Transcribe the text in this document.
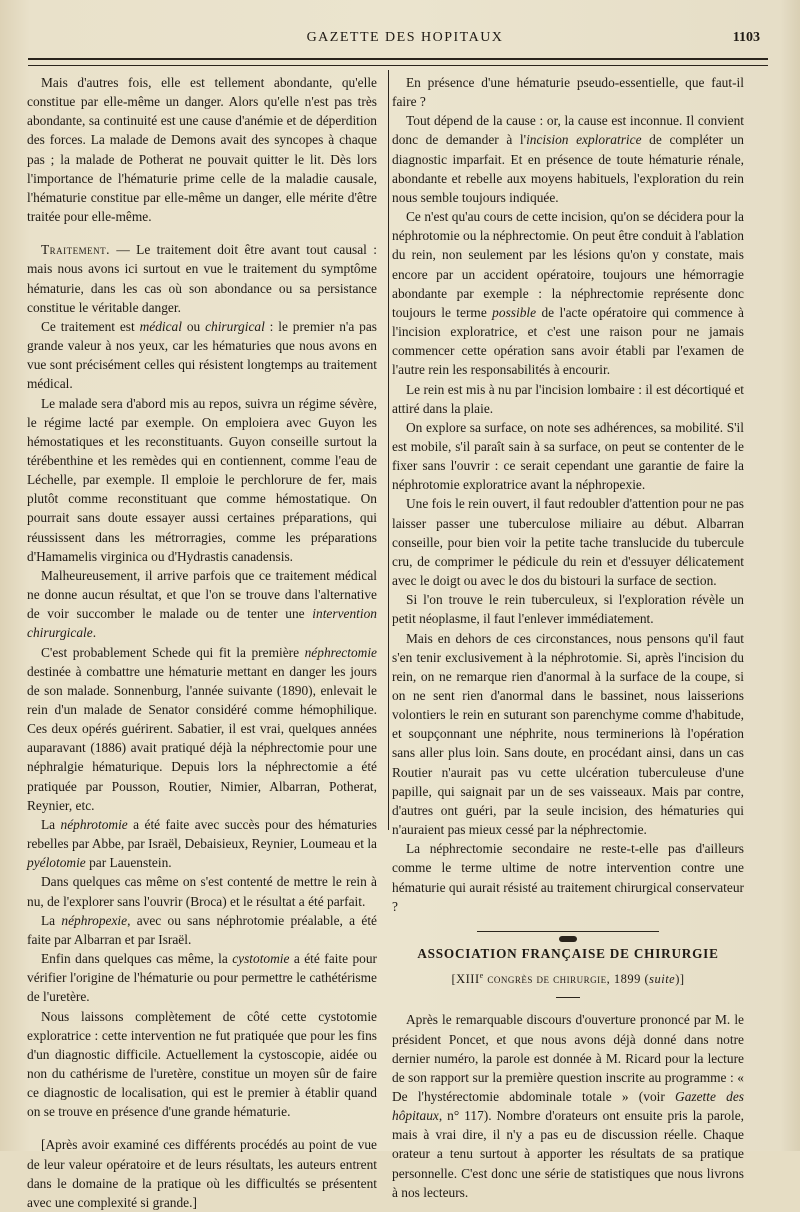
GAZETTE DES HOPITAUX	1103

Mais d'autres fois, elle est tellement abondante, qu'elle constitue par elle-même un danger. Alors qu'elle n'est pas très abondante, sa continuité est une cause d'anémie et de déperdition des forces. La malade de Demons avait des syncopes à chaque pas ; la malade de Potherat ne pouvait quitter le lit. Dès lors l'importance de l'hématurie prime celle de la maladie causale, l'hématurie constitue par elle-même un danger, elle mérite d'être traitée pour elle-même.

Traitement. — Le traitement doit être avant tout causal : mais nous avons ici surtout en vue le traitement du symptôme hématurie, dans les cas où son abondance ou sa persistance constitue le véritable danger.

Ce traitement est médical ou chirurgical : le premier n'a pas grande valeur à nos yeux, car les hématuries que nous avons en vue sont précisément celles qui résistent longtemps au traitement médical.

Le malade sera d'abord mis au repos, suivra un régime sévère, le régime lacté par exemple. On emploiera avec Guyon les hémostatiques et les reconstituants. Guyon conseille surtout la térébenthine et les remèdes qui en contiennent, comme l'eau de Léchelle, par exemple. Il emploie le perchlorure de fer, mais plutôt comme reconstituant que comme hémostatique. On pourrait sans doute essayer aussi certaines préparations, qui réussissent dans les métrorragies, comme les préparations d'Hamamelis virginica ou d'Hydrastis canadensis.

Malheureusement, il arrive parfois que ce traitement médical ne donne aucun résultat, et que l'on se trouve dans l'alternative de voir succomber le malade ou de tenter une intervention chirurgicale.

C'est probablement Schede qui fit la première néphrectomie destinée à combattre une hématurie mettant en danger les jours de son malade. Sonnenburg, l'année suivante (1890), enlevait le rein d'un malade de Senator considéré comme hémophilique. Ces deux opérés guérirent. Sabatier, il est vrai, quelques années auparavant (1886) avait pratiqué déjà la néphrectomie pour une néphralgie hématurique. Depuis lors la néphrectomie a été pratiquée par Pousson, Routier, Nimier, Albarran, Potherat, Reynier, etc.

La néphrotomie a été faite avec succès pour des hématuries rebelles par Abbe, par Israël, Debaisieux, Reynier, Loumeau et la pyélotomie par Lauenstein.

Dans quelques cas même on s'est contenté de mettre le rein à nu, de l'explorer sans l'ouvrir (Broca) et le résultat a été parfait.

La néphropexie, avec ou sans néphrotomie préalable, a été faite par Albarran et par Israël.

Enfin dans quelques cas même, la cystotomie a été faite pour vérifier l'origine de l'hématurie ou pour permettre le cathétérisme de l'uretère.

Nous laissons complètement de côté cette cystotomie exploratrice : cette intervention ne fut pratiquée que pour les fins d'un diagnostic difficile. Actuellement la cystoscopie, aidée ou non du cathérisme de l'uretère, constitue un moyen sûr de faire ce diagnostic de localisation, qui est le premier à établir quand on se trouve en présence d'une grande hématurie.

[Après avoir examiné ces différents procédés au point de vue de leur valeur opératoire et de leurs résultats, les auteurs entrent dans le domaine de la pratique où les difficultés se présentent avec une complexité si grande.]

En présence d'une hématurie pseudo-essentielle, que faut-il faire ?

Tout dépend de la cause : or, la cause est inconnue. Il convient donc de demander à l'incision exploratrice de compléter un diagnostic imparfait. Et en présence de toute hématurie rénale, abondante et rebelle aux moyens habituels, l'exploration du rein nous semble toujours indiquée.

Ce n'est qu'au cours de cette incision, qu'on se décidera pour la néphrotomie ou la néphrectomie. On peut être conduit à l'ablation du rein, non seulement par les lésions qu'on y constate, mais encore par un accident opératoire, toujours une hémorragie abondante par exemple : la néphrectomie représente donc toujours le terme possible de l'acte opératoire qui commence à l'incision exploratrice, et c'est une raison pour ne jamais commencer cette opération sans avoir établi par l'examen de l'autre rein les responsabilités à encourir.

Le rein est mis à nu par l'incision lombaire : il est décortiqué et attiré dans la plaie.

On explore sa surface, on note ses adhérences, sa mobilité. S'il est mobile, s'il paraît sain à sa surface, on peut se contenter de le fixer sans l'ouvrir : ce serait cependant une garantie de faire la néphrotomie exploratrice avant la néphropexie.

Une fois le rein ouvert, il faut redoubler d'attention pour ne pas laisser passer une tuberculose miliaire au début. Albarran conseille, pour bien voir la petite tache translucide du tubercule cru, de comprimer le pédicule du rein et d'essuyer délicatement avec le doigt ou avec le dos du bistouri la surface de section.

Si l'on trouve le rein tuberculeux, si l'exploration révèle un petit néoplasme, il faut l'enlever immédiatement.

Mais en dehors de ces circonstances, nous pensons qu'il faut s'en tenir exclusivement à la néphrotomie. Si, après l'incision du rein, on ne remarque rien d'anormal à la surface de la coupe, si on ne sent rien d'anormal dans le bassinet, nous laisserions volontiers le rein en suturant son parenchyme comme d'habitude, et soupçonnant une néphrite, nous terminerions là l'opération sans aller plus loin. Sans doute, en procédant ainsi, dans un cas Routier n'aurait pas vu cette ulcération tuberculeuse d'une papille, qui saignait par un de ses vaisseaux. Mais par contre, d'autres ont guéri, par la seule incision, des hématuries qui n'auraient pas mieux cessé par la néphrectomie.

La néphrectomie secondaire ne reste-t-elle pas d'ailleurs comme le terme ultime de notre intervention contre une hématurie qui aurait résisté au traitement chirurgical conservateur ?

ASSOCIATION FRANÇAISE DE CHIRURGIE
[XIIIe congrès de chirurgie, 1899 (suite)]

Après le remarquable discours d'ouverture prononcé par M. le président Poncet, et que nous avons déjà donné dans notre dernier numéro, la parole est donnée à M. Ricard pour la lecture de son rapport sur la première question inscrite au programme : « De l'hystérectomie abdominale totale » (voir Gazette des hôpitaux, n° 117). Nombre d'orateurs ont ensuite pris la parole, mais à vrai dire, il n'y a pas eu de discussion réelle. Chaque orateur a tenu surtout à apporter les résultats de sa pratique personnelle. C'est donc une série de statistiques que nous livrons à nos lecteurs.
